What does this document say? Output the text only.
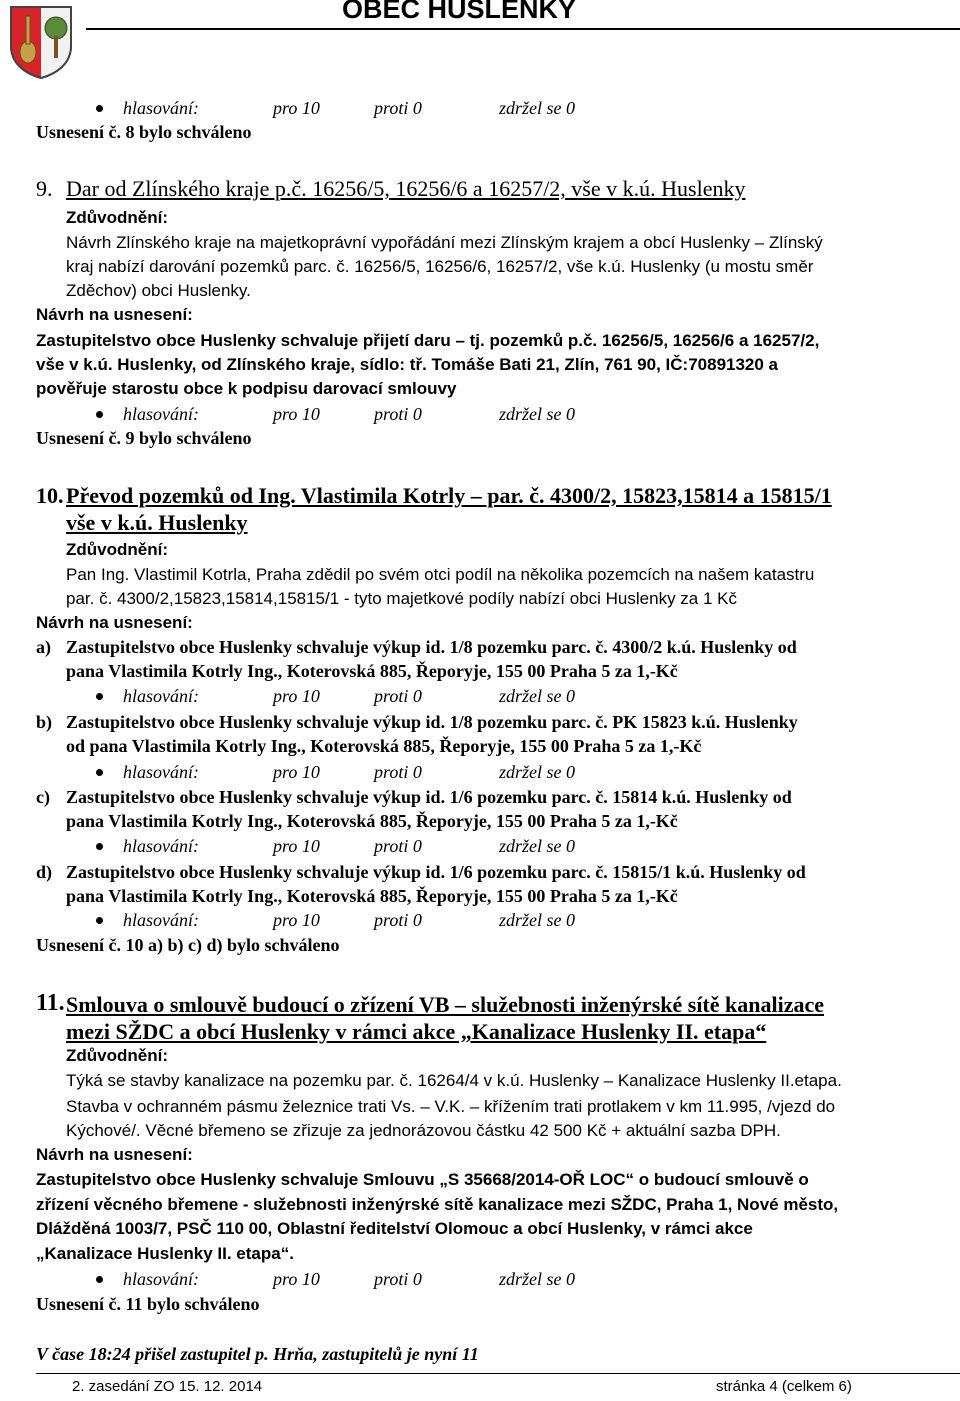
OBEC HUSLENKY
hlasování:	pro 10	proti 0	zdržel se 0
Usnesení č. 8 bylo schváleno
9. Dar od Zlínského kraje p.č. 16256/5, 16256/6 a 16257/2, vše v k.ú. Huslenky
Zdůvodnění:
Návrh Zlínského kraje na majetkoprávní vypořádání mezi Zlínským krajem a obcí Huslenky – Zlínský
kraj nabízí darování pozemků parc. č. 16256/5, 16256/6, 16257/2, vše k.ú. Huslenky (u mostu směr
Zděchov) obci Huslenky.
Návrh na usnesení:
Zastupitelstvo obce Huslenky schvaluje přijetí daru – tj. pozemků p.č. 16256/5, 16256/6 a 16257/2,
vše v k.ú. Huslenky, od Zlínského kraje, sídlo: tř. Tomáše Bati 21, Zlín, 761 90, IČ:70891320 a
pověřuje starostu obce k podpisu darovací smlouvy
hlasování:	pro 10	proti 0	zdržel se 0
Usnesení č. 9 bylo schváleno
10. Převod pozemků od Ing. Vlastimila Kotrly – par. č. 4300/2, 15823,15814 a 15815/1
vše v k.ú. Huslenky
Zdůvodnění:
Pan Ing. Vlastimil Kotrla, Praha zdědil po svém otci podíl na několika pozemcích na našem katastru
par. č. 4300/2,15823,15814,15815/1 - tyto majetkové podíly nabízí obci Huslenky za 1 Kč
Návrh na usnesení:
a) Zastupitelstvo obce Huslenky schvaluje výkup id. 1/8 pozemku parc. č. 4300/2 k.ú. Huslenky od
pana Vlastimila Kotrly Ing., Koterovská 885, Řeporyje, 155 00 Praha 5 za 1,-Kč
hlasování:	pro 10	proti 0	zdržel se 0
b) Zastupitelstvo obce Huslenky schvaluje výkup id. 1/8 pozemku parc. č. PK 15823 k.ú. Huslenky
od pana Vlastimila Kotrly Ing., Koterovská 885, Řeporyje, 155 00 Praha 5 za 1,-Kč
hlasování:	pro 10	proti 0	zdržel se 0
c) Zastupitelstvo obce Huslenky schvaluje výkup id. 1/6 pozemku parc. č. 15814 k.ú. Huslenky od
pana Vlastimila Kotrly Ing., Koterovská 885, Řeporyje, 155 00 Praha 5 za 1,-Kč
hlasování:	pro 10	proti 0	zdržel se 0
d) Zastupitelstvo obce Huslenky schvaluje výkup id. 1/6 pozemku parc. č. 15815/1 k.ú. Huslenky od
pana Vlastimila Kotrly Ing., Koterovská 885, Řeporyje, 155 00 Praha 5 za 1,-Kč
hlasování:	pro 10	proti 0	zdržel se 0
Usnesení č. 10 a) b) c) d) bylo schváleno
11. Smlouva o smlouvě budoucí o zřízení VB – služebnosti inženýrské sítě kanalizace
mezi SŽDC a obcí Huslenky v rámci akce „Kanalizace Huslenky II. etapa“
Zdůvodnění:
Týká se stavby kanalizace na pozemku par. č. 16264/4 v k.ú. Huslenky – Kanalizace Huslenky II.etapa.
Stavba v ochranném pásmu železnice trati Vs. – V.K. – křížením trati protlakem v km 11.995, /vjezd do
Kýchové/. Věcné břemeno se zřizuje za jednorázovou částku 42 500 Kč + aktuální sazba DPH.
Návrh na usnesení:
Zastupitelstvo obce Huslenky schvaluje Smlouvu „S 35668/2014-OŘ LOC“ o budoucí smlouvě o
zřízení věcného břemene - služebnosti inženýrské sítě kanalizace mezi SŽDC, Praha 1, Nové město,
Dlážděná 1003/7, PSČ 110 00, Oblastní ředitelství Olomouc a obcí Huslenky, v rámci akce
„Kanalizace Huslenky II. etapa“.
hlasování:	pro 10	proti 0	zdržel se 0
Usnesení č. 11 bylo schváleno
V čase 18:24 přišel zastupitel p. Hrňa, zastupitelů je nyní 11
2. zasedání ZO 15. 12. 2014	stránka 4 (celkem 6)
